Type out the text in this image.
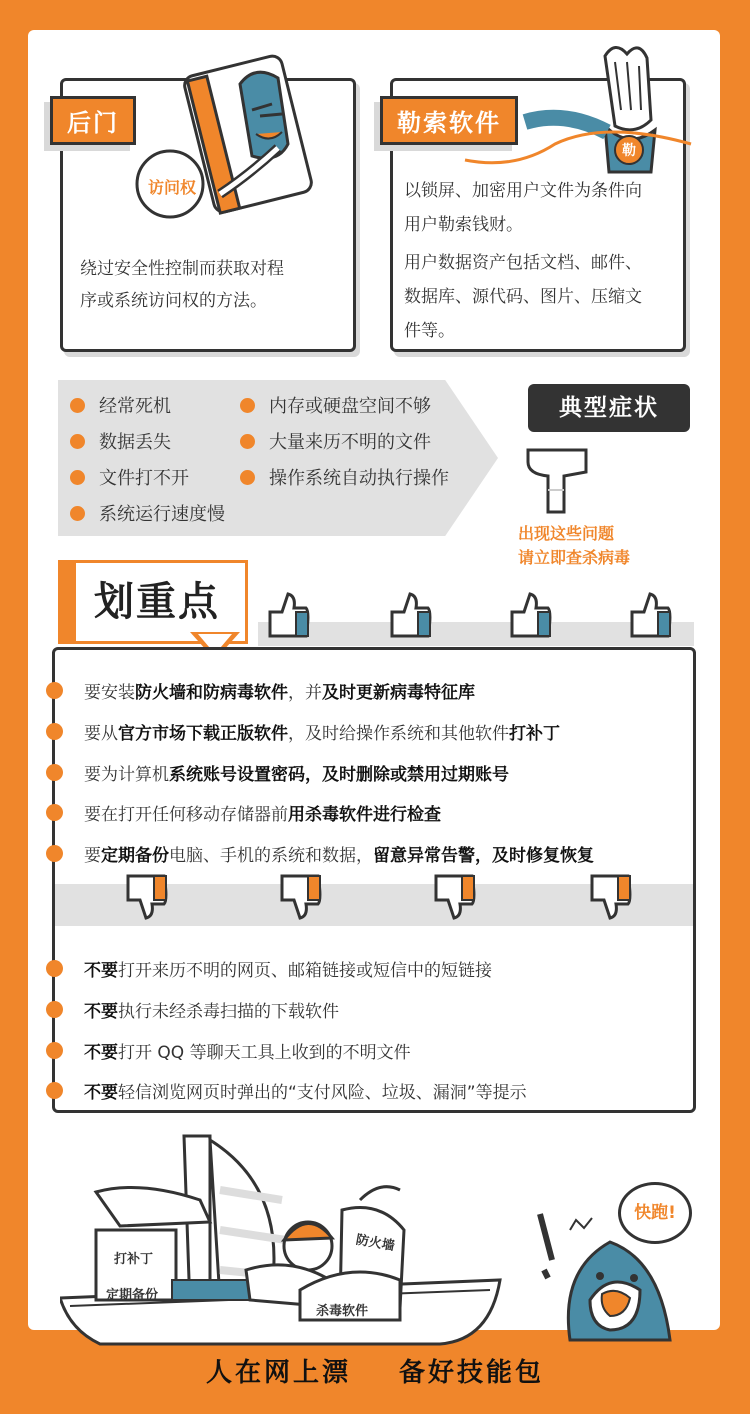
后门
访问权
绕过安全性控制而获取对程
序或系统访问权的方法。
勒索软件
勒
以锁屏、加密用户文件为条件向
用户勒索钱财。
用户数据资产包括文档、邮件、
数据库、源代码、图片、压缩文
件等。
经常死机
数据丢失
文件打不开
系统运行速度慢
内存或硬盘空间不够
大量来历不明的文件
操作系统自动执行操作
典型症状
出现这些问题
请立即查杀病毒
划重点
要安装 防火墙和防病毒软件 ，并 及时更新病毒特征库
要从 官方市场下载正版软件 ，及时给操作系统和其他软件 打补丁
要为计算机 系统账号设置密码，及时删除或禁用过期账号
要在打开任何移动存储器前 用杀毒软件进行检查
要 定期备份 电脑、手机的系统和数据， 留意异常告警，及时修复恢复
不要 打开来历不明的网页、邮箱链接或短信中的短链接
不要 执行未经杀毒扫描的下载软件
不要 打开 QQ 等聊天工具上收到的不明文件
不要 轻信浏览网页时弹出的“支付风险、垃圾、漏洞”等提示
打补丁
定期备份
防火墙
杀毒软件
快跑!
人在网上漂 备好技能包
